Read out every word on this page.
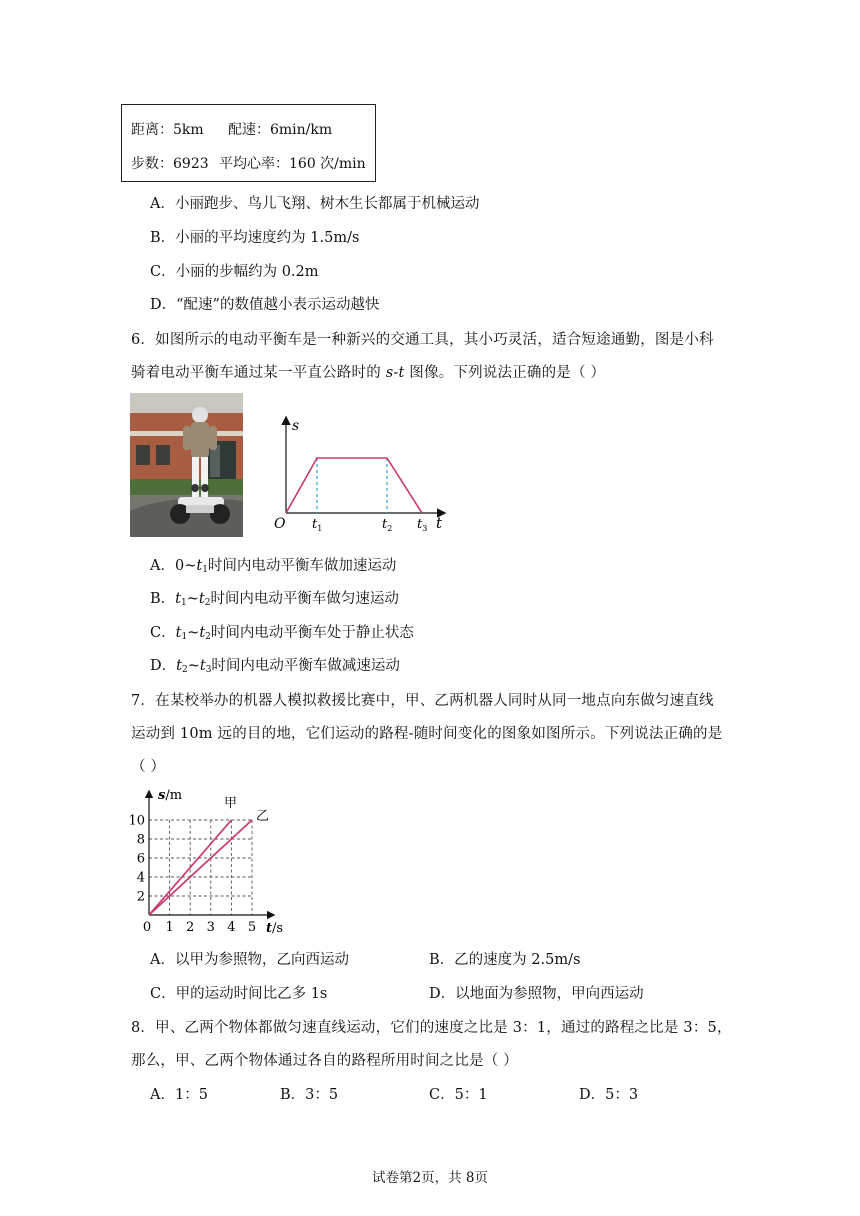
距离：5km 配速：6min/km
步数：6923 平均心率：160 次/min
A．小丽跑步、鸟儿飞翔、树木生长都属于机械运动
B．小丽的平均速度约为 1.5m/s
C．小丽的步幅约为 0.2m
D．“配速”的数值越小表示运动越快
6．如图所示的电动平衡车是一种新兴的交通工具，其小巧灵活，适合短途通勤，图是小科
骑着电动平衡车通过某一平直公路时的 s-t 图像。下列说法正确的是（ ）
s
t
O $t_1$	$t_2$ $t_3$
A．$0\sim t_1$时间内电动平衡车做加速运动
B．$t_1\sim t_2$时间内电动平衡车做匀速运动
C．$t_1\sim t_2$时间内电动平衡车处于静止状态
D．$t_2\sim t_3$时间内电动平衡车做减速运动
7．在某校举办的机器人模拟救援比赛中，甲、乙两机器人同时从同一地点向东做匀速直线
运动到 10m 远的目的地，它们运动的路程-随时间变化的图象如图所示。下列说法正确的是
（ ）
2
4
6
8
10
0 1 2 3 4 5
s/m
t/s
甲
乙
A．以甲为参照物，乙向西运动	B．乙的速度为 2.5m/s
C．甲的运动时间比乙多 1s	D．以地面为参照物，甲向西运动
8．甲、乙两个物体都做匀速直线运动，它们的速度之比是 3：1，通过的路程之比是 3：5，
那么，甲、乙两个物体通过各自的路程所用时间之比是（ ）
A．1：5	B．3：5	C．5：1	D．5：3
试卷第2页，共 8页
